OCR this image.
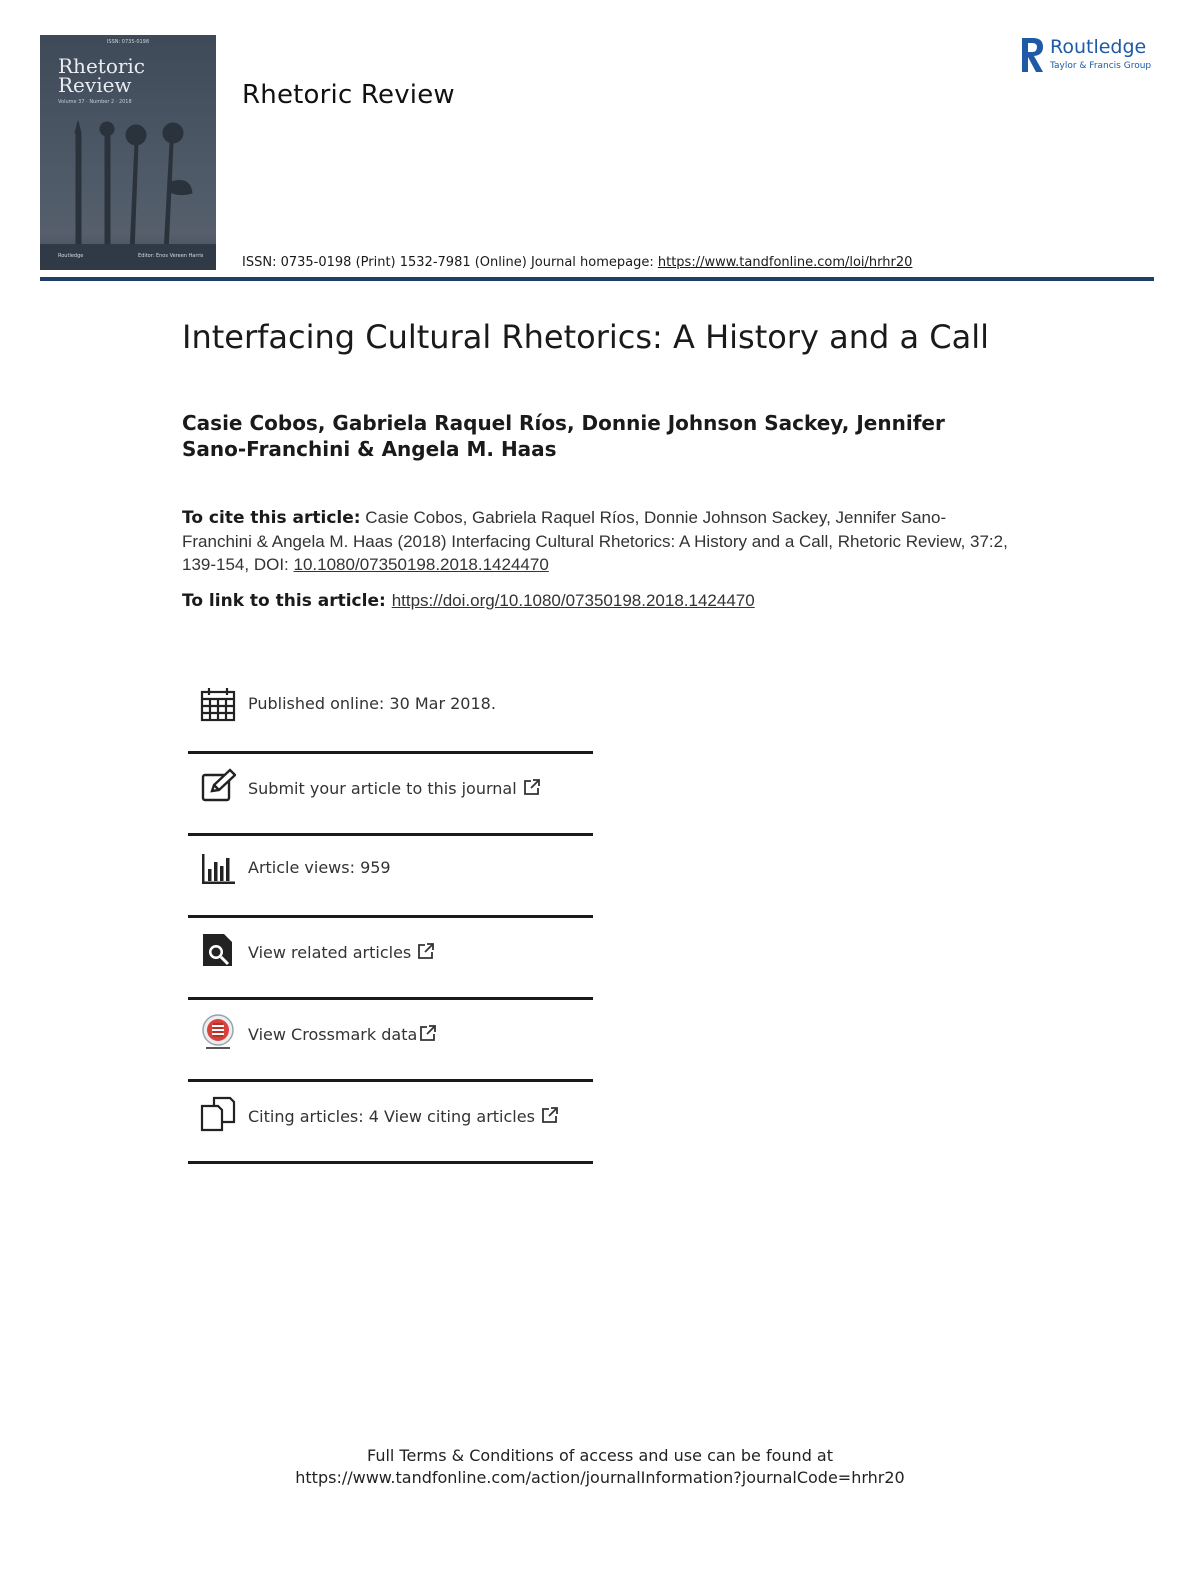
ISSN: 0735-0198
Rhetoric
Review
Volume 37 · Number 2 · 2018
Routledge	Editor: Enos Vereen Harris
Rhetoric Review
ISSN: 0735-0198 (Print) 1532-7981 (Online) Journal homepage: https://www.tandfonline.com/loi/hrhr20
Routledge
Taylor & Francis Group
Interfacing Cultural Rhetorics: A History and a Call
Casie Cobos, Gabriela Raquel Ríos, Donnie Johnson Sackey, Jennifer Sano-Franchini & Angela M. Haas
To cite this article: Casie Cobos, Gabriela Raquel Ríos, Donnie Johnson Sackey, Jennifer Sano-Franchini & Angela M. Haas (2018) Interfacing Cultural Rhetorics: A History and a Call, Rhetoric Review, 37:2, 139-154, DOI: 10.1080/07350198.2018.1424470
To link to this article: https://doi.org/10.1080/07350198.2018.1424470
Published online: 30 Mar 2018.
Submit your article to this journal
Article views: 959
View related articles
View Crossmark data
Citing articles: 4 View citing articles
Full Terms & Conditions of access and use can be found at
https://www.tandfonline.com/action/journalInformation?journalCode=hrhr20
